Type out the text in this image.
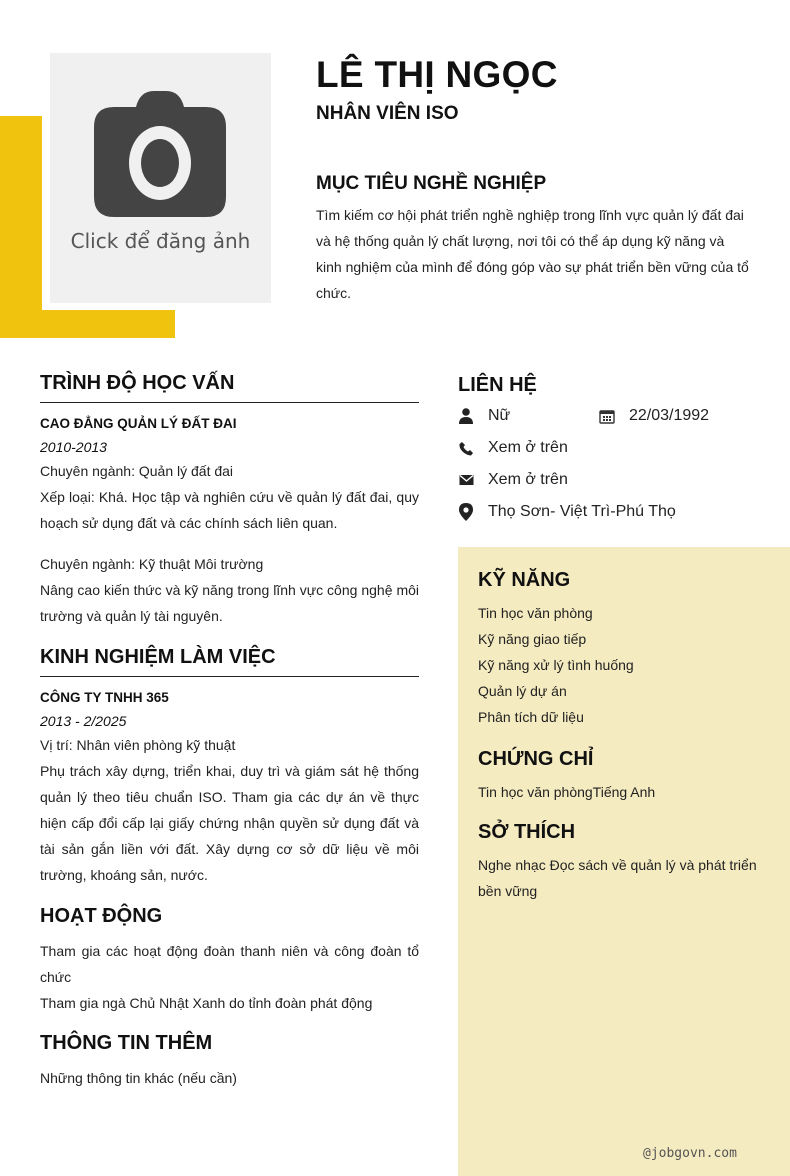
Click để đăng ảnh
LÊ THỊ NGỌC
NHÂN VIÊN ISO
MỤC TIÊU NGHỀ NGHIỆP
Tìm kiếm cơ hội phát triển nghề nghiệp trong lĩnh vực quản lý đất đai và hệ thống quản lý chất lượng, nơi tôi có thể áp dụng kỹ năng và kinh nghiệm của mình để đóng góp vào sự phát triển bền vững của tổ chức.
TRÌNH ĐỘ HỌC VẤN
CAO ĐẲNG QUẢN LÝ ĐẤT ĐAI
2010-2013
Chuyên ngành: Quản lý đất đai
Xếp loại: Khá. Học tập và nghiên cứu về quản lý đất đai, quy hoạch sử dụng đất và các chính sách liên quan.
Chuyên ngành: Kỹ thuật Môi trường
Nâng cao kiến thức và kỹ năng trong lĩnh vực công nghệ môi trường và quản lý tài nguyên.
KINH NGHIỆM LÀM VIỆC
CÔNG TY TNHH 365
2013 - 2/2025
Vị trí: Nhân viên phòng kỹ thuật
Phụ trách xây dựng, triển khai, duy trì và giám sát hệ thống quản lý theo tiêu chuẩn ISO. Tham gia các dự án về thực hiện cấp đổi cấp lại giấy chứng nhận quyền sử dụng đất và tài sản gắn liền với đất. Xây dựng cơ sở dữ liệu về môi trường, khoáng sản, nước.
HOẠT ĐỘNG
Tham gia các hoạt động đoàn thanh niên và công đoàn tổ chức
Tham gia ngà Chủ Nhật Xanh do tỉnh đoàn phát động
THÔNG TIN THÊM
Những thông tin khác (nếu cần)
LIÊN HỆ
Nữ	22/03/1992
Xem ở trên
Xem ở trên
Thọ Sơn- Việt Trì-Phú Thọ
KỸ NĂNG
Tin học văn phòng
Kỹ năng giao tiếp
Kỹ năng xử lý tình huống
Quản lý dự án
Phân tích dữ liệu
CHỨNG CHỈ
Tin học văn phòngTiếng Anh
SỞ THÍCH
Nghe nhạc Đọc sách về quản lý và phát triển bền vững
@jobgovn.com
